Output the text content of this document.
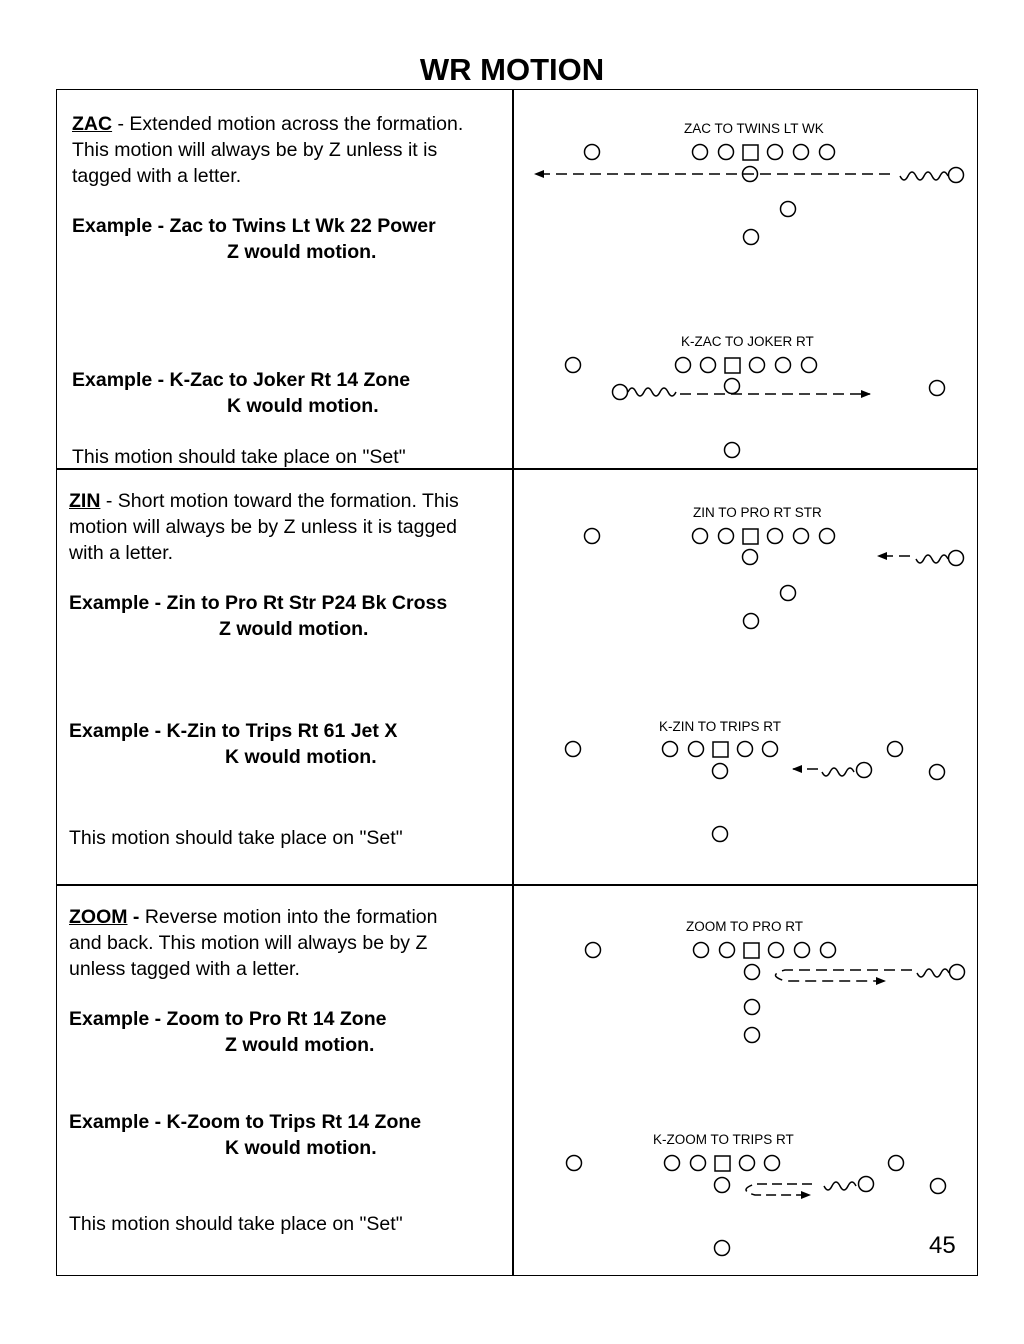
WR MOTION
ZAC - Extended motion across the formation.
This motion will always be by Z unless it is
tagged with a letter.
Example - Zac to Twins Lt Wk 22 Power
Z would motion.
Example - K-Zac to Joker Rt 14 Zone
K would motion.
This motion should take place on "Set"
ZIN - Short motion toward the formation. This
motion will always be by Z unless it is tagged
with a letter.
Example - Zin to Pro Rt Str P24 Bk Cross
Z would motion.
Example - K-Zin to Trips Rt 61 Jet X
K would motion.
This motion should take place on "Set"
ZOOM - Reverse motion into the formation
and back. This motion will always be by Z
unless tagged with a letter.
Example - Zoom to Pro Rt 14 Zone
Z would motion.
Example - K-Zoom to Trips Rt 14 Zone
K would motion.
This motion should take place on "Set"
45
ZAC TO TWINS LT WK
K-ZAC TO JOKER RT
ZIN TO PRO RT STR
K-ZIN TO TRIPS RT
ZOOM TO PRO RT
K-ZOOM TO TRIPS RT
